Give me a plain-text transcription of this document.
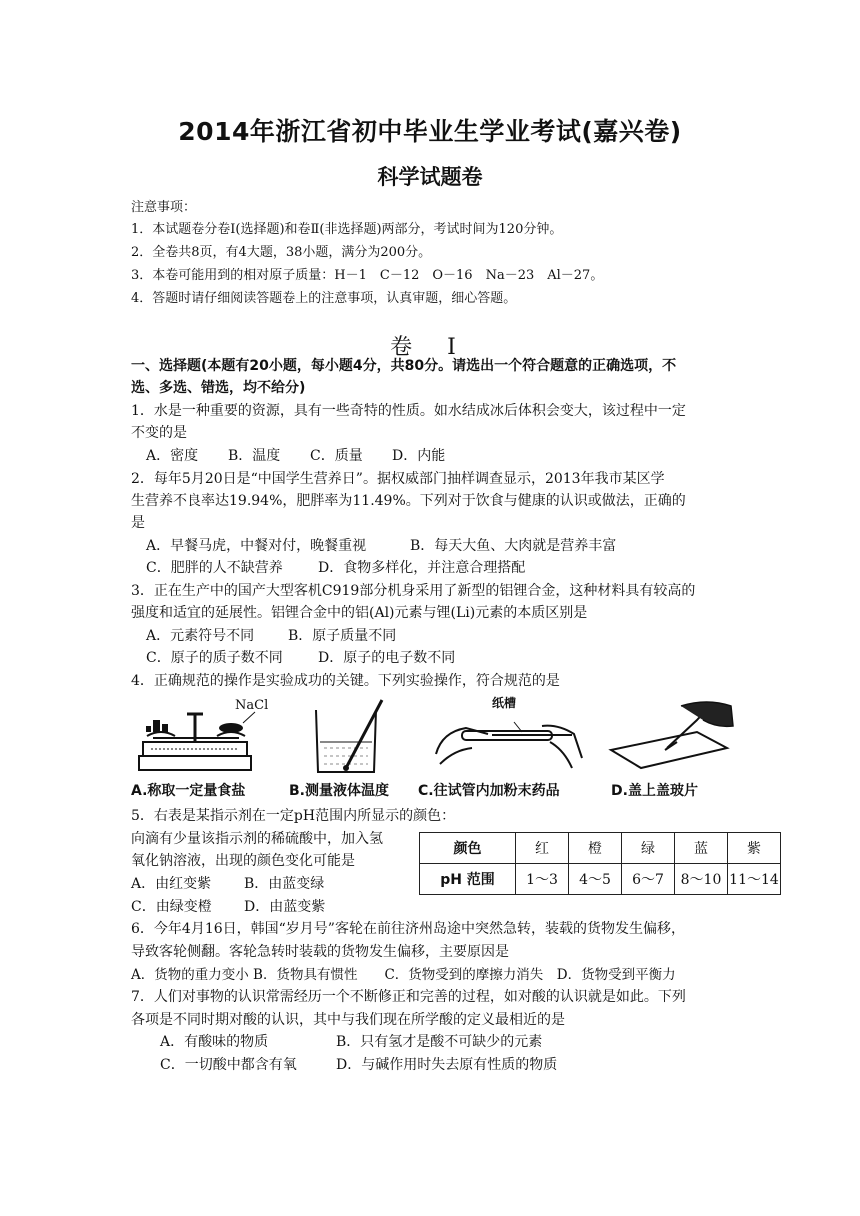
2014年浙江省初中毕业生学业考试(嘉兴卷)
科学试题卷
注意事项：
1．本试题卷分卷Ⅰ(选择题)和卷Ⅱ(非选择题)两部分，考试时间为120分钟。
2．全卷共8页，有4大题，38小题，满分为200分。
3．本卷可能用到的相对原子质量：H－1　C－12　O－16　Na－23　Al－27。
4．答题时请仔细阅读答题卷上的注意事项，认真审题，细心答题。
卷 Ⅰ
一、选择题(本题有20小题，每小题4分，共80分。请选出一个符合题意的正确选项，不
选、多选、错选，均不给分)
1．水是一种重要的资源，具有一些奇特的性质。如水结成冰后体积会变大，该过程中一定
不变的是
A．密度 B．温度 C．质量 D．内能
2．每年5月20日是“中国学生营养日”。据权威部门抽样调查显示，2013年我市某区学
生营养不良率达19.94%，肥胖率为11.49%。下列对于饮食与健康的认识或做法，正确的
是
A．早餐马虎，中餐对付，晚餐重视	B．每天大鱼、大肉就是营养丰富
C．肥胖的人不缺营养	D．食物多样化，并注意合理搭配
3．正在生产中的国产大型客机C919部分机身采用了新型的铝锂合金，这种材料具有较高的
强度和适宜的延展性。铝锂合金中的铝(Al)元素与锂(Li)元素的本质区别是
A．元素符号不同 B．原子质量不同
C．原子的质子数不同	D．原子的电子数不同
4．正确规范的操作是实验成功的关键。下列实验操作，符合规范的是
NaCl	纸槽
A.称取一定量食盐	B.测量液体温度 C.往试管内加粉末药品	D.盖上盖玻片
5．右表是某指示剂在一定pH范围内所显示的颜色：
向滴有少量该指示剂的稀硫酸中，加入氢
氧化钠溶液，出现的颜色变化可能是
A．由红变紫 B．由蓝变绿
C．由绿变橙 D．由蓝变紫
颜色	红	橙	绿	蓝	紫
pH 范围	1～3	4～5	6～7	8～10	11～14
6．今年4月16日，韩国“岁月号”客轮在前往济州岛途中突然急转，装载的货物发生偏移，
导致客轮侧翻。客轮急转时装载的货物发生偏移，主要原因是
A．货物的重力变小 B．货物具有惯性　　C．货物受到的摩擦力消失　D．货物受到平衡力
7．人们对事物的认识常需经历一个不断修正和完善的过程，如对酸的认识就是如此。下列
各项是不同时期对酸的认识，其中与我们现在所学酸的定义最相近的是
A．有酸味的物质	B．只有氢才是酸不可缺少的元素
C．一切酸中都含有氧	D．与碱作用时失去原有性质的物质
